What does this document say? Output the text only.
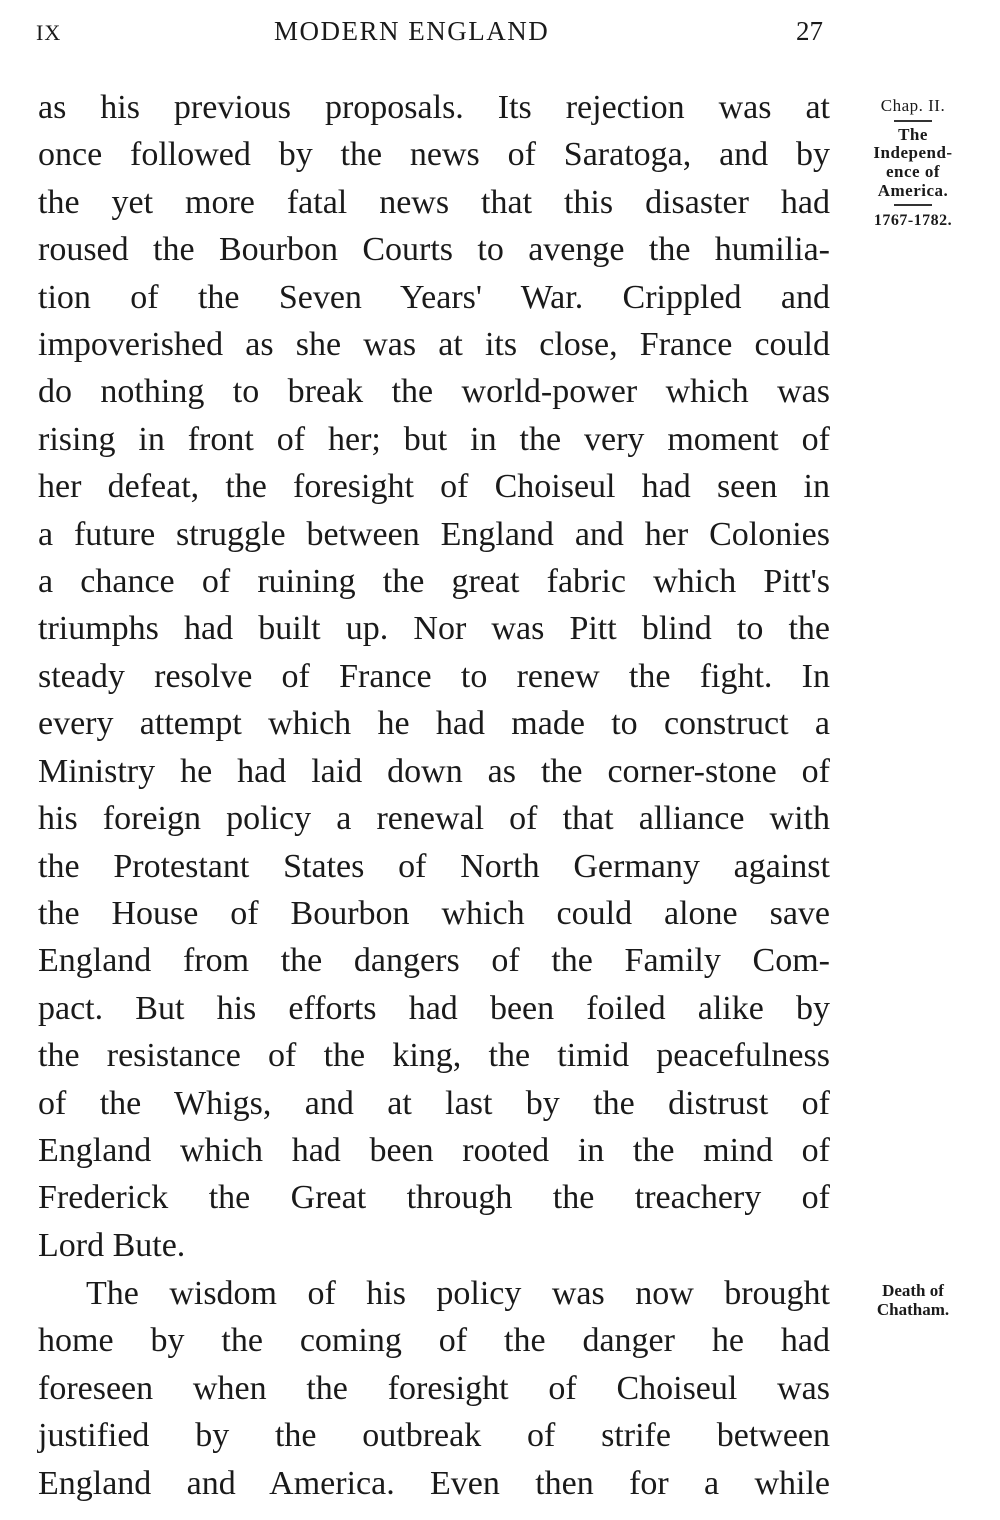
IX	MODERN ENGLAND	27
as his previous proposals. Its rejection was at
once followed by the news of Saratoga, and by
the yet more fatal news that this disaster had
roused the Bourbon Courts to avenge the humilia-
tion of the Seven Years' War. Crippled and
impoverished as she was at its close, France could
do nothing to break the world-power which was
rising in front of her; but in the very moment of
her defeat, the foresight of Choiseul had seen in
a future struggle between England and her Colonies
a chance of ruining the great fabric which Pitt's
triumphs had built up. Nor was Pitt blind to the
steady resolve of France to renew the fight. In
every attempt which he had made to construct a
Ministry he had laid down as the corner-stone of
his foreign policy a renewal of that alliance with
the Protestant States of North Germany against
the House of Bourbon which could alone save
England from the dangers of the Family Com-
pact. But his efforts had been foiled alike by
the resistance of the king, the timid peacefulness
of the Whigs, and at last by the distrust of
England which had been rooted in the mind of
Frederick the Great through the treachery of
Lord Bute.
The wisdom of his policy was now brought
home by the coming of the danger he had
foreseen when the foresight of Choiseul was
justified by the outbreak of strife between
England and America. Even then for a while
Chap. II.
The
Independ-
ence of
America.
1767-1782.
Death of
Chatham.
